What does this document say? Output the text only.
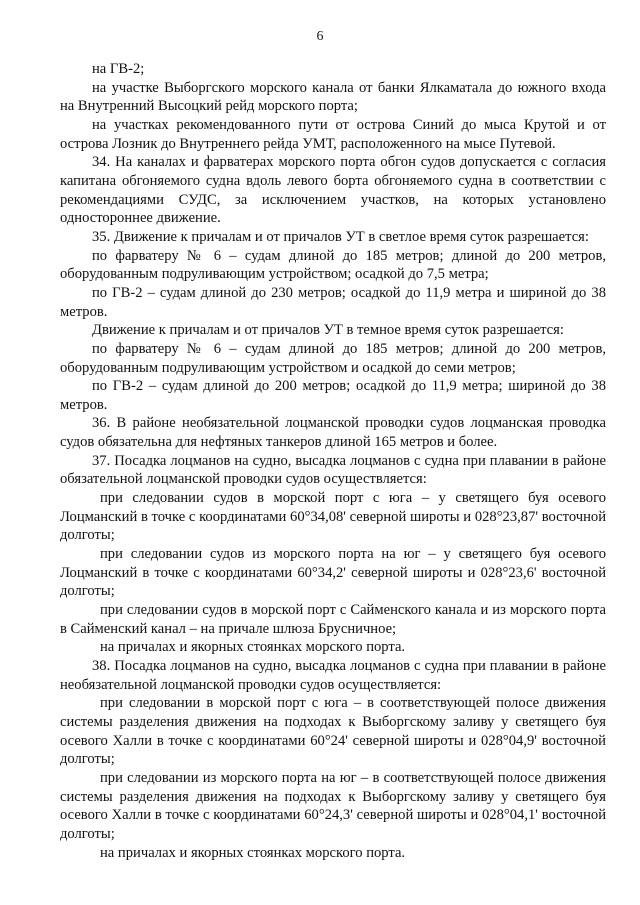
6

на ГВ-2;

на участке Выборгского морского канала от банки Ялкаматала до южного входа на Внутренний Высоцкий рейд морского порта;

на участках рекомендованного пути от острова Синий до мыса Крутой и от острова Лозник до Внутреннего рейда УМТ, расположенного на мысе Путевой.

34. На каналах и фарватерах морского порта обгон судов допускается с согласия капитана обгоняемого судна вдоль левого борта обгоняемого судна в соответствии с рекомендациями СУДС, за исключением участков, на которых установлено одностороннее движение.

35. Движение к причалам и от причалов УТ в светлое время суток разрешается:

по фарватеру № 6 – судам длиной до 185 метров; длиной до 200 метров, оборудованным подруливающим устройством; осадкой до 7,5 метра;

по ГВ-2 – судам длиной до 230 метров; осадкой до 11,9 метра и шириной до 38 метров.

Движение к причалам и от причалов УТ в темное время суток разрешается:

по фарватеру № 6 – судам длиной до 185 метров; длиной до 200 метров, оборудованным подруливающим устройством и осадкой до семи метров;

по ГВ-2 – судам длиной до 200 метров; осадкой до 11,9 метра; шириной до 38 метров.

36. В районе необязательной лоцманской проводки судов лоцманская проводка судов обязательна для нефтяных танкеров длиной 165 метров и более.

37. Посадка лоцманов на судно, высадка лоцманов с судна при плавании в районе обязательной лоцманской проводки судов осуществляется:

при следовании судов в морской порт с юга – у светящего буя осевого Лоцманский в точке с координатами 60°34,08' северной широты и 028°23,87' восточной долготы;

при следовании судов из морского порта на юг – у светящего буя осевого Лоцманский в точке с координатами 60°34,2' северной широты и 028°23,6' восточной долготы;

при следовании судов в морской порт с Сайменского канала и из морского порта в Сайменский канал – на причале шлюза Брусничное;

на причалах и якорных стоянках морского порта.

38. Посадка лоцманов на судно, высадка лоцманов с судна при плавании в районе необязательной лоцманской проводки судов осуществляется:

при следовании в морской порт с юга – в соответствующей полосе движения системы разделения движения на подходах к Выборгскому заливу у светящего буя осевого Халли в точке с координатами 60°24' северной широты и 028°04,9' восточной долготы;

при следовании из морского порта на юг – в соответствующей полосе движения системы разделения движения на подходах к Выборгскому заливу у светящего буя осевого Халли в точке с координатами 60°24,3' северной широты и 028°04,1' восточной долготы;

на причалах и якорных стоянках морского порта.
